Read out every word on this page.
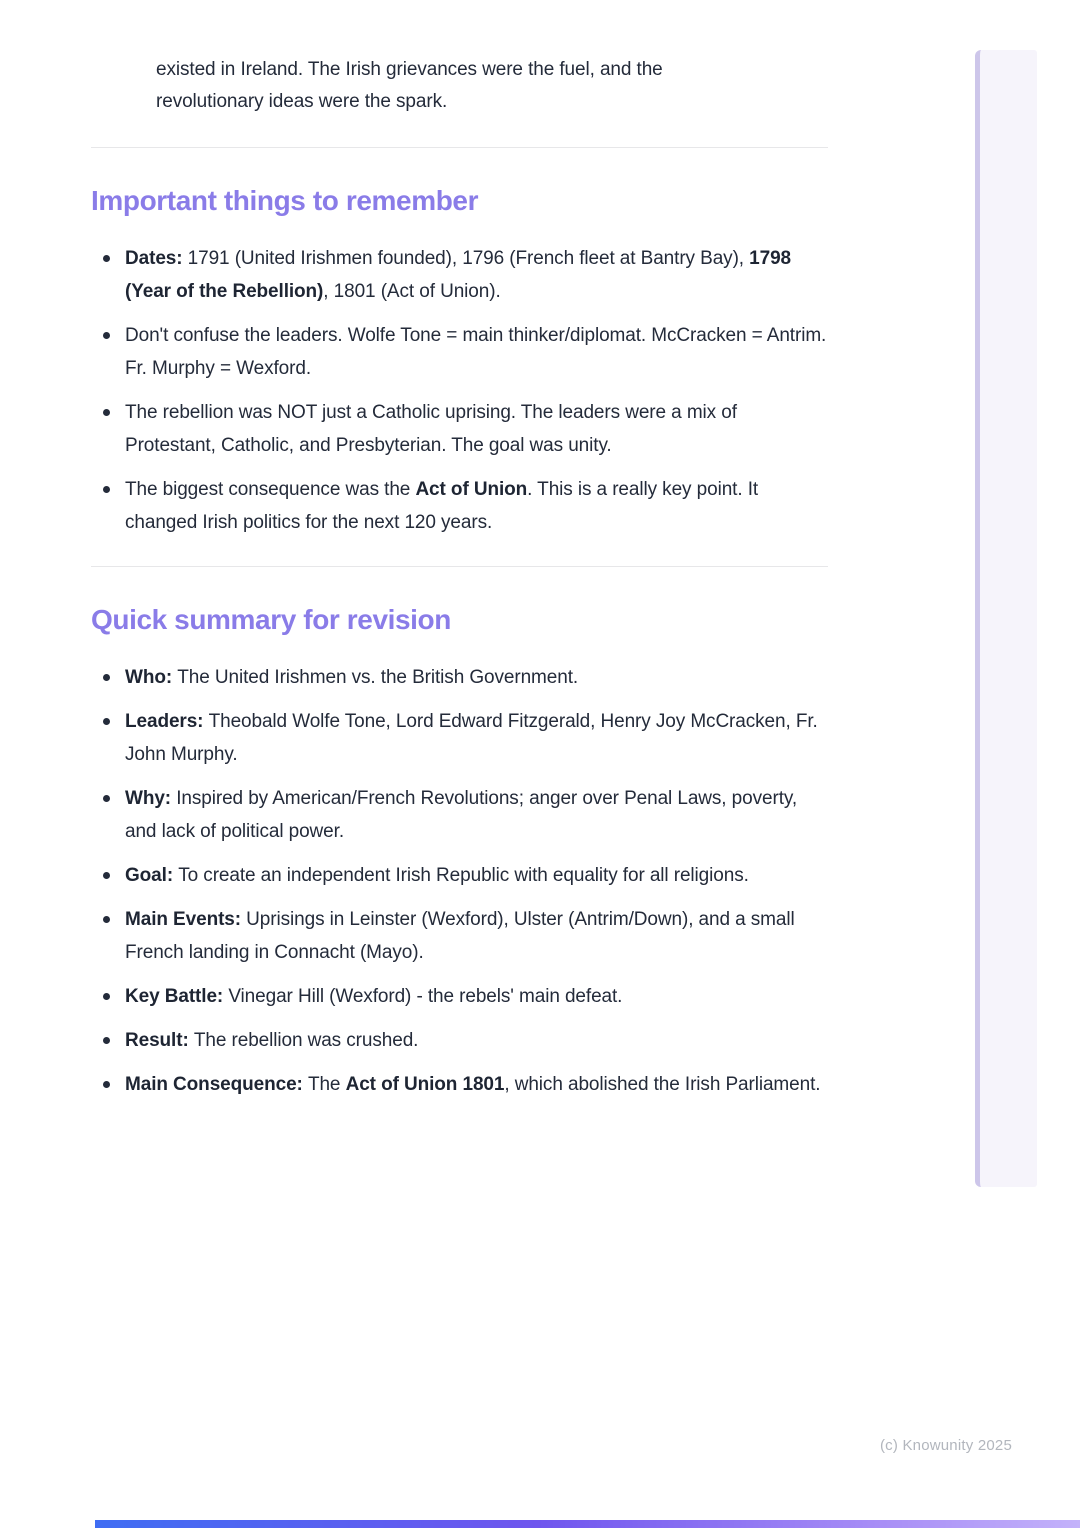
existed in Ireland. The Irish grievances were the fuel, and the
revolutionary ideas were the spark.
Important things to remember
Dates: 1791 (United Irishmen founded), 1796 (French fleet at Bantry Bay), 1798 (Year of the Rebellion), 1801 (Act of Union).
Don't confuse the leaders. Wolfe Tone = main thinker/diplomat. McCracken = Antrim. Fr. Murphy = Wexford.
The rebellion was NOT just a Catholic uprising. The leaders were a mix of Protestant, Catholic, and Presbyterian. The goal was unity.
The biggest consequence was the Act of Union. This is a really key point. It changed Irish politics for the next 120 years.
Quick summary for revision
Who: The United Irishmen vs. the British Government.
Leaders: Theobald Wolfe Tone, Lord Edward Fitzgerald, Henry Joy McCracken, Fr. John Murphy.
Why: Inspired by American/French Revolutions; anger over Penal Laws, poverty, and lack of political power.
Goal: To create an independent Irish Republic with equality for all religions.
Main Events: Uprisings in Leinster (Wexford), Ulster (Antrim/Down), and a small French landing in Connacht (Mayo).
Key Battle: Vinegar Hill (Wexford) - the rebels' main defeat.
Result: The rebellion was crushed.
Main Consequence: The Act of Union 1801, which abolished the Irish Parliament.
(c) Knowunity 2025
